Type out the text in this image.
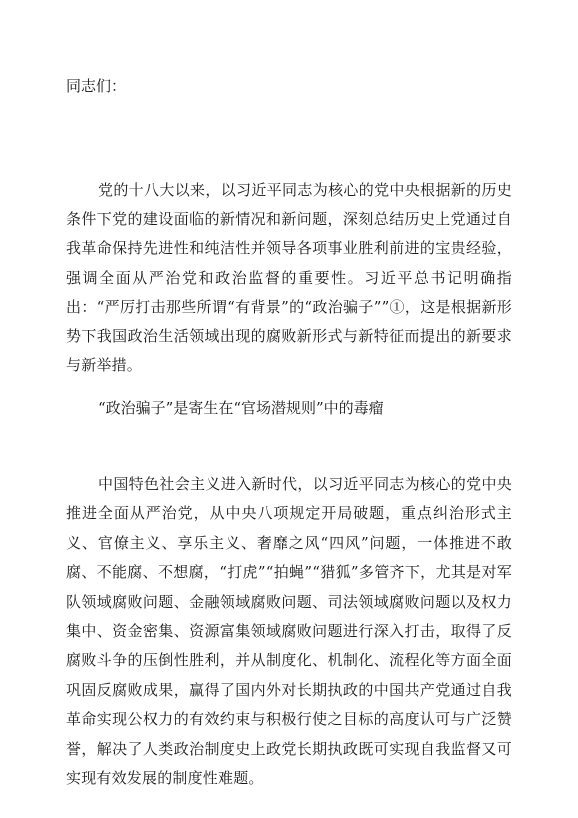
同志们：

党的十八大以来，以习近平同志为核心的党中央根据新的历史条件下党的建设面临的新情况和新问题，深刻总结历史上党通过自我革命保持先进性和纯洁性并领导各项事业胜利前进的宝贵经验，强调全面从严治党和政治监督的重要性。习近平总书记明确指出：“严厉打击那些所谓“有背景”的“政治骗子””①，这是根据新形势下我国政治生活领域出现的腐败新形式与新特征而提出的新要求与新举措。

“政治骗子”是寄生在“官场潜规则”中的毒瘤

中国特色社会主义进入新时代，以习近平同志为核心的党中央推进全面从严治党，从中央八项规定开局破题，重点纠治形式主义、官僚主义、享乐主义、奢靡之风“四风”问题，一体推进不敢腐、不能腐、不想腐，“打虎”“拍蝇”“猎狐”多管齐下，尤其是对军队领域腐败问题、金融领域腐败问题、司法领域腐败问题以及权力集中、资金密集、资源富集领域腐败问题进行深入打击，取得了反腐败斗争的压倒性胜利，并从制度化、机制化、流程化等方面全面巩固反腐败成果，赢得了国内外对长期执政的中国共产党通过自我革命实现公权力的有效约束与积极行使之目标的高度认可与广泛赞誉，解决了人类政治制度史上政党长期执政既可实现自我监督又可实现有效发展的制度性难题。
